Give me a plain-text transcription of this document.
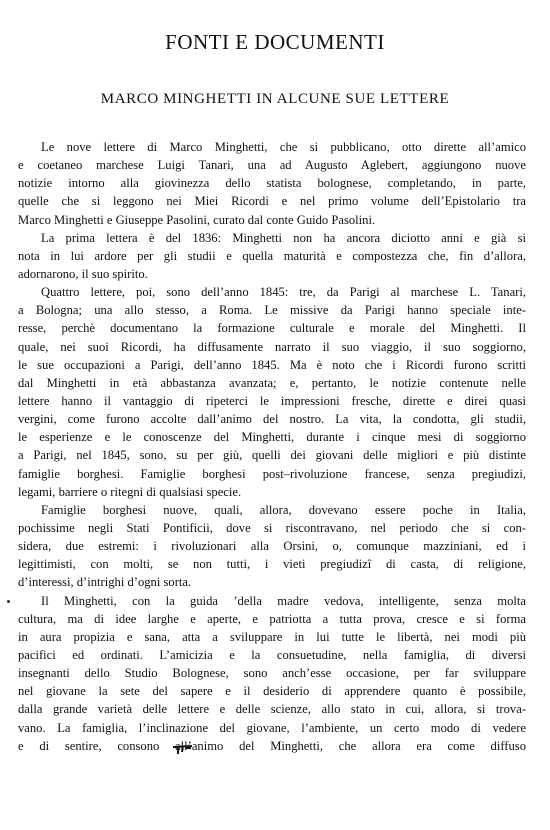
FONTI E DOCUMENTI
MARCO MINGHETTI IN ALCUNE SUE LETTERE
Le nove lettere di Marco Minghetti, che si pubblicano, otto dirette all’amico
e coetaneo marchese Luigi Tanari, una ad Augusto Aglebert, aggiungono nuove
notizie intorno alla giovinezza dello statista bolognese, completando, in parte,
quelle che si leggono nei Miei Ricordi e nel primo volume dell’Epistolario tra
Marco Minghetti e Giuseppe Pasolini, curato dal conte Guido Pasolini.
La prima lettera è del 1836: Minghetti non ha ancora diciotto anni e già si
nota in lui ardore per gli studii e quella maturità e compostezza che, fin d’allora,
adornarono, il suo spirito.
Quattro lettere, poi, sono dell’anno 1845: tre, da Parigi al marchese L. Tanari,
a Bologna; una allo stesso, a Roma. Le missive da Parigi hanno speciale inte-
resse, perchè documentano la formazione culturale e morale del Minghetti. Il
quale, nei suoi Ricordi, ha diffusamente narrato il suo viaggio, il suo soggiorno,
le sue occupazioni a Parigi, dell’anno 1845. Ma è noto che i Ricordi furono scritti
dal Minghetti in età abbastanza avanzata; e, pertanto, le notizie contenute nelle
lettere hanno il vantaggio di ripeterci le impressioni fresche, dirette e direi quasi
vergini, come furono accolte dall’animo del nostro. La vita, la condotta, gli studii,
le esperienze e le conoscenze del Minghetti, durante i cinque mesi di soggiorno
a Parigi, nel 1845, sono, su per giù, quelli dei giovani delle migliori e più distinte
famiglie borghesi. Famiglie borghesi post–rivoluzione francese, senza pregiudizi,
legami, barriere o ritegni di qualsiasi specie.
Famiglie borghesi nuove, quali, allora, dovevano essere poche in Italia,
pochissime negli Stati Pontificii, dove si riscontravano, nel periodo che si con-
sidera, due estremi: i rivoluzionari alla Orsini, o, comunque mazziniani, ed i
legittimisti, con molti, se non tutti, i vieti pregiudizî di casta, di religione,
d’interessi, d’intrighi d’ogni sorta.
Il Minghetti, con la guida ’della madre vedova, intelligente, senza molta
cultura, ma di idee larghe e aperte, e patriotta a tutta prova, cresce e si forma
in aura propizia e sana, atta a sviluppare in lui tutte le libertà, nei modi più
pacifici ed ordinati. L’amicizia e la consuetudine, nella famiglia, di diversi
insegnanti dello Studio Bolognese, sono anch’esse occasione, per far sviluppare
nel giovane la sete del sapere e il desiderio di apprendere quanto è possibile,
dalla grande varietà delle lettere e delle scienze, allo stato in cui, allora, si trova-
vano. La famiglia, l’inclinazione del giovane, l’ambiente, un certo modo di vedere
e di sentire, consono all’animo del Minghetti, che allora era come diffuso
